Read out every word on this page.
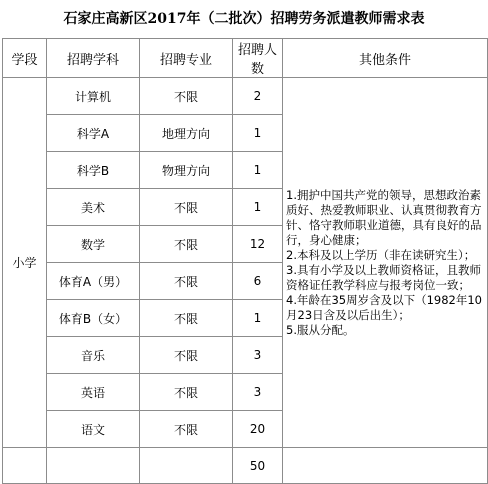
石家庄高新区2017年（二批次）招聘劳务派遣教师需求表
学段	招聘学科	招聘专业	招聘人数	其他条件
小学	计算机	不限	2	1.拥护中国共产党的领导，思想政治素质好、热爱教师职业、认真贯彻教育方针、恪守教师职业道德，具有良好的品行，身心健康；
2.本科及以上学历（非在读研究生）；
3.具有小学及以上教师资格证，且教师资格证任教学科应与报考岗位一致；
4.年龄在35周岁含及以下（1982年10月23日含及以后出生）；
5.服从分配。

	科学A	地理方向	1	
	科学B	物理方向	1	
	美术	不限	1	
	数学	不限	12	
	体育A（男）	不限	6	
	体育B（女）	不限	1	
	音乐	不限	3	
	英语	不限	3	
	语文	不限	20	
			50	
